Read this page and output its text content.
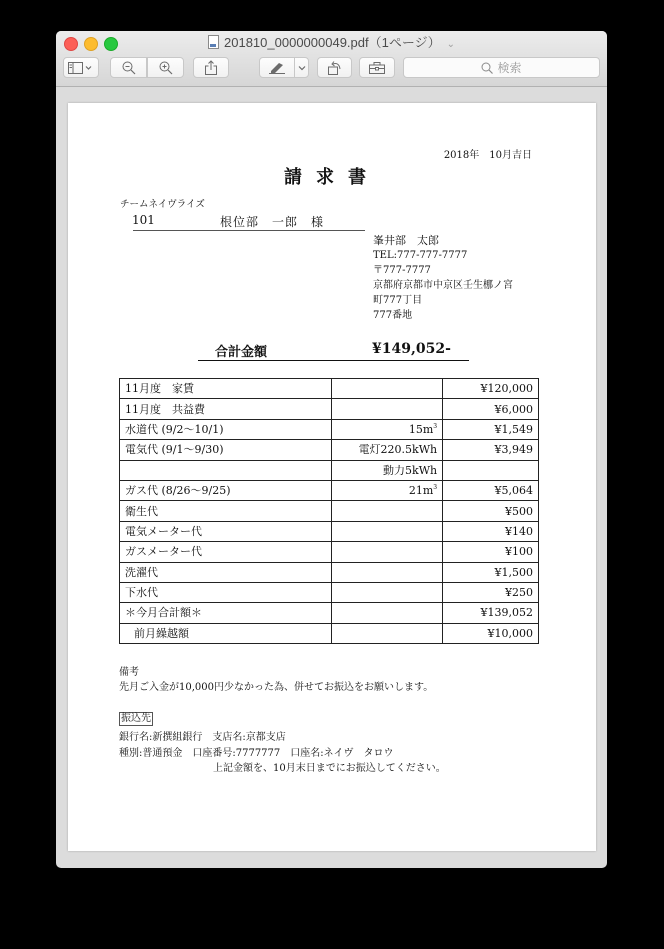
201810_0000000049.pdf（1ページ） ⌄
検索
2018年　10月吉日
請求書
チームネイヴライズ
101	根位部　一郎　様
峯井部　太郎
TEL:777-777-7777
〒777-7777
京都府京都市中京区壬生梛ノ宮
町777丁目
777番地
合計金額	¥149,052-
11月度　家賃		¥120,000
11月度　共益費		¥6,000
水道代 (9/2～10/1)	$15m^3$	¥1,549
電気代 (9/1～9/30)	電灯220.5kWh	¥3,949
	動力5kWh	
ガス代 (8/26～9/25)	$21m^3$	¥5,064
衛生代		¥500
電気メーター代		¥140
ガスメーター代		¥100
洗濯代		¥1,500
下水代		¥250
＊今月合計額＊		¥139,052
前月繰越額		¥10,000
備考
先月ご入金が10,000円少なかった為、併せてお振込をお願いします。
振込先
銀行名:新撰組銀行　支店名:京都支店
種別:普通預金　口座番号:7777777　口座名:ネイヴ　タロウ
上記金額を、10月末日までにお振込してください。
